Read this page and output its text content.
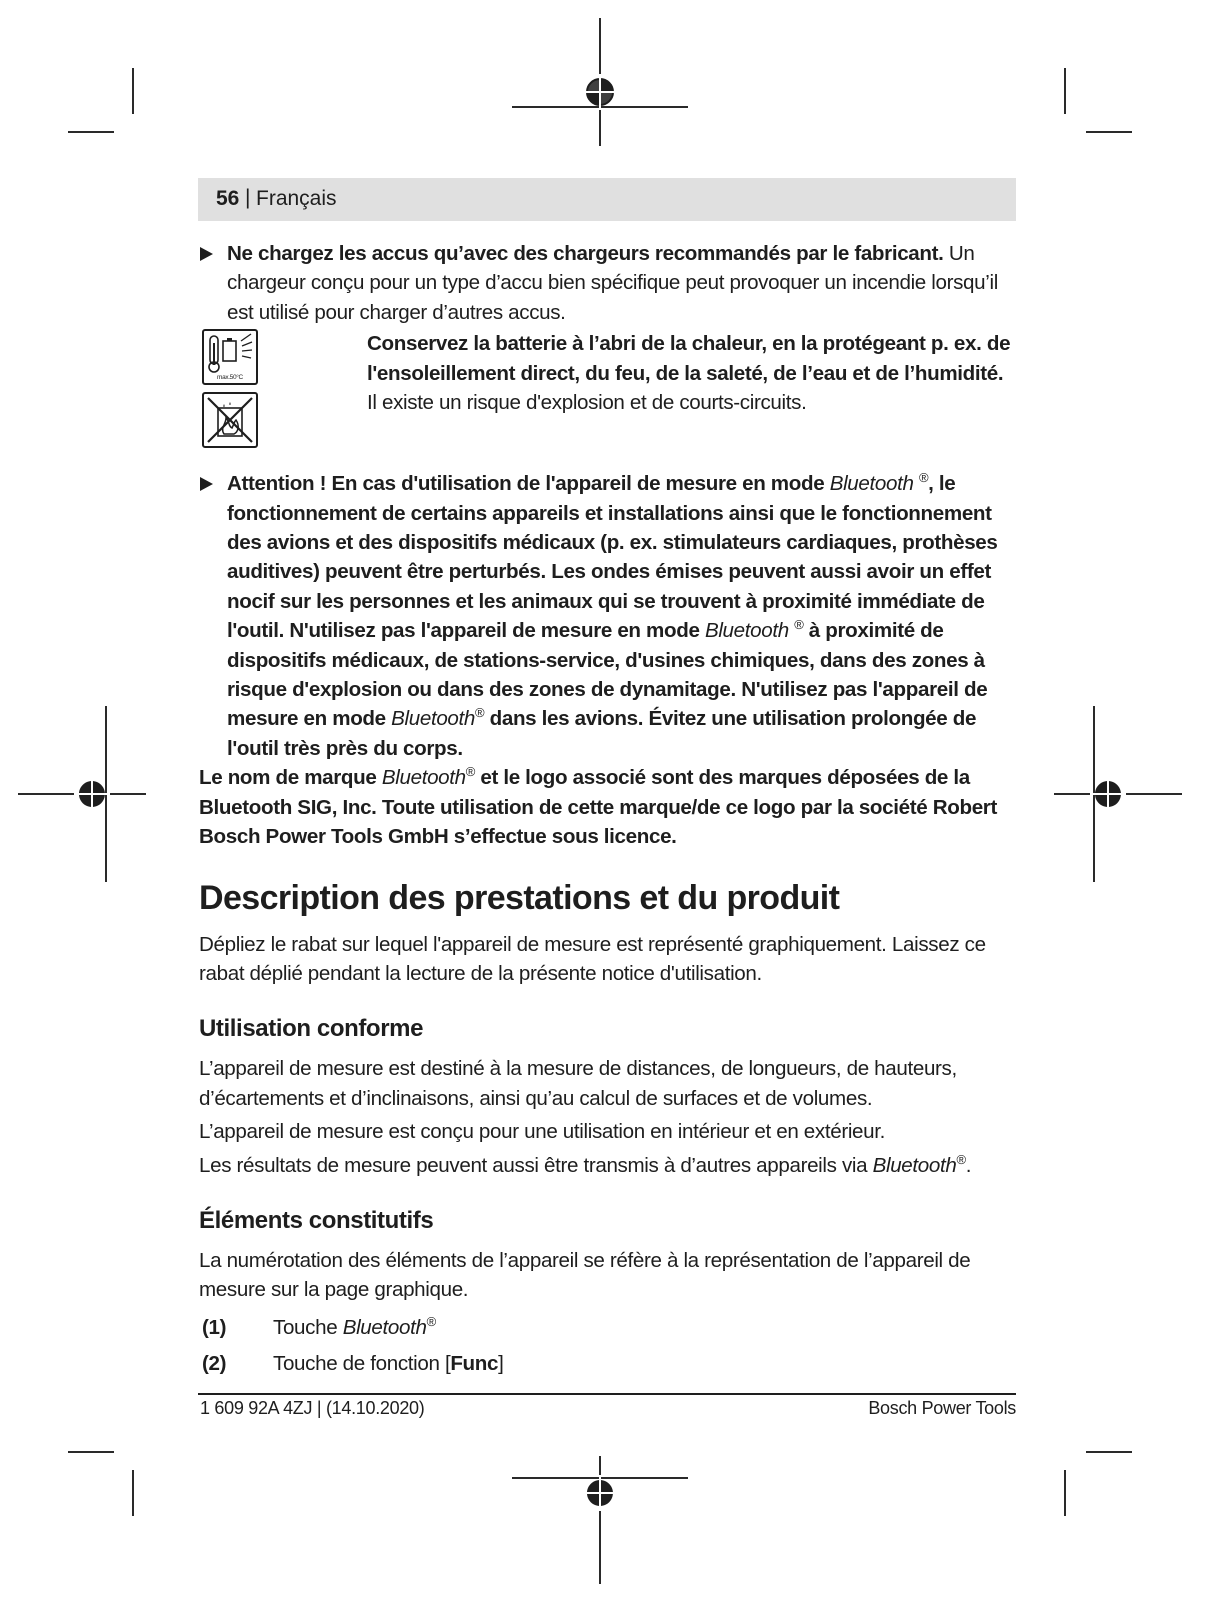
56 | Français

Ne chargez les accus qu’avec des chargeurs recommandés par le fabricant. Un chargeur conçu pour un type d’accu bien spécifique peut provoquer un incendie lorsqu’il est utilisé pour charger d’autres accus.

max.50°C

Conservez la batterie à l’abri de la chaleur, en la protégeant p. ex. de l'ensoleillement direct, du feu, de la saleté, de l’eau et de l’humidité. Il existe un risque d'explosion et de courts-circuits.

Attention ! En cas d'utilisation de l'appareil de mesure en mode Bluetooth ®, le fonctionnement de certains appareils et installations ainsi que le fonctionnement des avions et des dispositifs médicaux (p. ex. stimulateurs cardiaques, prothèses auditives) peuvent être perturbés. Les ondes émises peuvent aussi avoir un effet nocif sur les personnes et les animaux qui se trouvent à proximité immédiate de l'outil. N'utilisez pas l'appareil de mesure en mode Bluetooth ® à proximité de dispositifs médicaux, de stations-service, d'usines chimiques, dans des zones à risque d'explosion ou dans des zones de dynamitage. N'utilisez pas l'appareil de mesure en mode Bluetooth® dans les avions. Évitez une utilisation prolongée de l'outil très près du corps.

Le nom de marque Bluetooth® et le logo associé sont des marques déposées de la Bluetooth SIG, Inc. Toute utilisation de cette marque/de ce logo par la société Robert Bosch Power Tools GmbH s’effectue sous licence.

Description des prestations et du produit

Dépliez le rabat sur lequel l'appareil de mesure est représenté graphiquement. Laissez ce rabat déplié pendant la lecture de la présente notice d'utilisation.

Utilisation conforme

L’appareil de mesure est destiné à la mesure de distances, de longueurs, de hauteurs, d’écartements et d’inclinaisons, ainsi qu’au calcul de surfaces et de volumes.

L’appareil de mesure est conçu pour une utilisation en intérieur et en extérieur.

Les résultats de mesure peuvent aussi être transmis à d’autres appareils via Bluetooth®.

Éléments constitutifs

La numérotation des éléments de l’appareil se réfère à la représentation de l’appareil de mesure sur la page graphique.

(1) Touche Bluetooth®
(2) Touche de fonction [Func]
1 609 92A 4ZJ | (14.10.2020)	Bosch Power Tools
